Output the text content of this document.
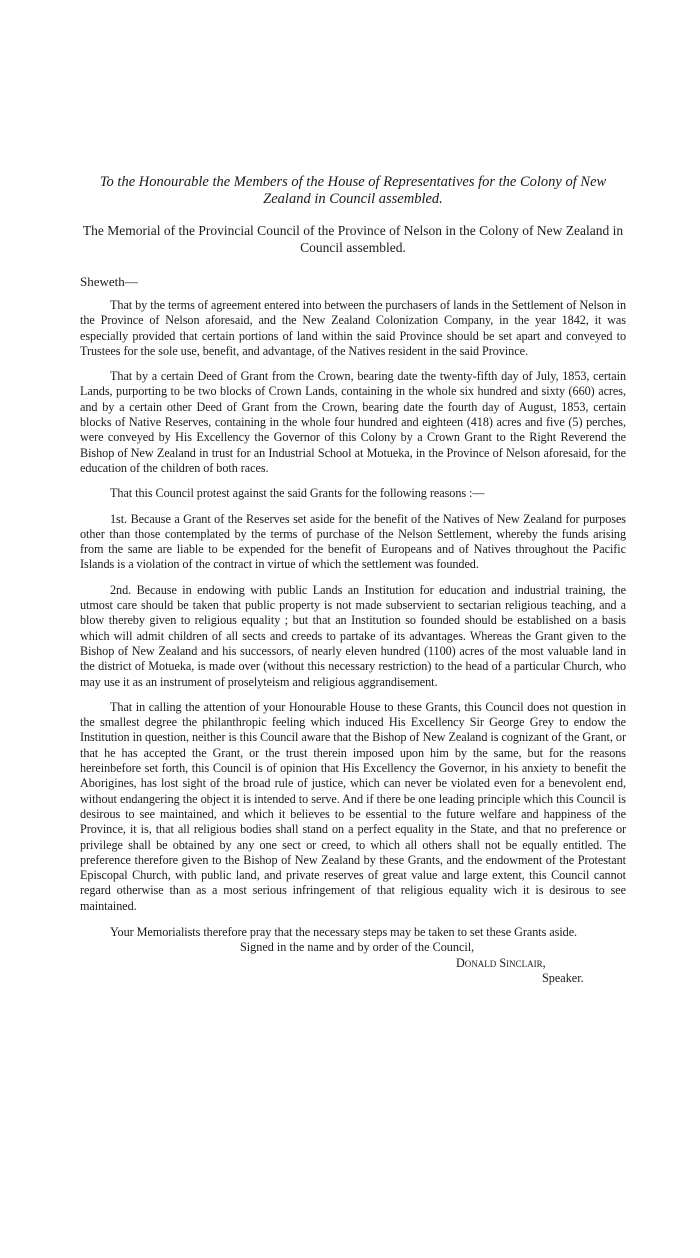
To the Honourable the Members of the House of Representatives for the Colony of New Zealand in Council assembled.

The Memorial of the Provincial Council of the Province of Nelson in the Colony of New Zealand in Council assembled.

Sheweth—

That by the terms of agreement entered into between the purchasers of lands in the Settlement of Nelson in the Province of Nelson aforesaid, and the New Zealand Colonization Company, in the year 1842, it was especially provided that certain portions of land within the said Province should be set apart and conveyed to Trustees for the sole use, benefit, and advantage, of the Natives resident in the said Province.

That by a certain Deed of Grant from the Crown, bearing date the twenty-fifth day of July, 1853, certain Lands, purporting to be two blocks of Crown Lands, containing in the whole six hundred and sixty (660) acres, and by a certain other Deed of Grant from the Crown, bearing date the fourth day of August, 1853, certain blocks of Native Reserves, containing in the whole four hundred and eighteen (418) acres and five (5) perches, were conveyed by His Excellency the Governor of this Colony by a Crown Grant to the Right Reverend the Bishop of New Zealand in trust for an Industrial School at Motueka, in the Province of Nelson aforesaid, for the education of the children of both races.

That this Council protest against the said Grants for the following reasons :—

1st. Because a Grant of the Reserves set aside for the benefit of the Natives of New Zealand for purposes other than those contemplated by the terms of purchase of the Nelson Settlement, whereby the funds arising from the same are liable to be expended for the benefit of Europeans and of Natives throughout the Pacific Islands is a violation of the contract in virtue of which the settlement was founded.

2nd. Because in endowing with public Lands an Institution for education and industrial training, the utmost care should be taken that public property is not made subservient to sectarian religious teaching, and a blow thereby given to religious equality ; but that an Institution so founded should be established on a basis which will admit children of all sects and creeds to partake of its advantages. Whereas the Grant given to the Bishop of New Zealand and his successors, of nearly eleven hundred (1100) acres of the most valuable land in the district of Motueka, is made over (without this necessary restriction) to the head of a particular Church, who may use it as an instrument of proselyteism and religious aggrandisement.

That in calling the attention of your Honourable House to these Grants, this Council does not question in the smallest degree the philanthropic feeling which induced His Excellency Sir George Grey to endow the Institution in question, neither is this Council aware that the Bishop of New Zealand is cognizant of the Grant, or that he has accepted the Grant, or the trust therein imposed upon him by the same, but for the reasons hereinbefore set forth, this Council is of opinion that His Excellency the Governor, in his anxiety to benefit the Aborigines, has lost sight of the broad rule of justice, which can never be violated even for a benevolent end, without endangering the object it is intended to serve. And if there be one leading principle which this Council is desirous to see maintained, and which it believes to be essential to the future welfare and happiness of the Province, it is, that all religious bodies shall stand on a perfect equality in the State, and that no preference or privilege shall be obtained by any one sect or creed, to which all others shall not be equally entitled. The preference therefore given to the Bishop of New Zealand by these Grants, and the endowment of the Protestant Episcopal Church, with public land, and private reserves of great value and large extent, this Council cannot regard otherwise than as a most serious infringement of that religious equality wich it is desirous to see maintained.

Your Memorialists therefore pray that the necessary steps may be taken to set these Grants aside.

Signed in the name and by order of the Council,

Donald Sinclair,

Speaker.
